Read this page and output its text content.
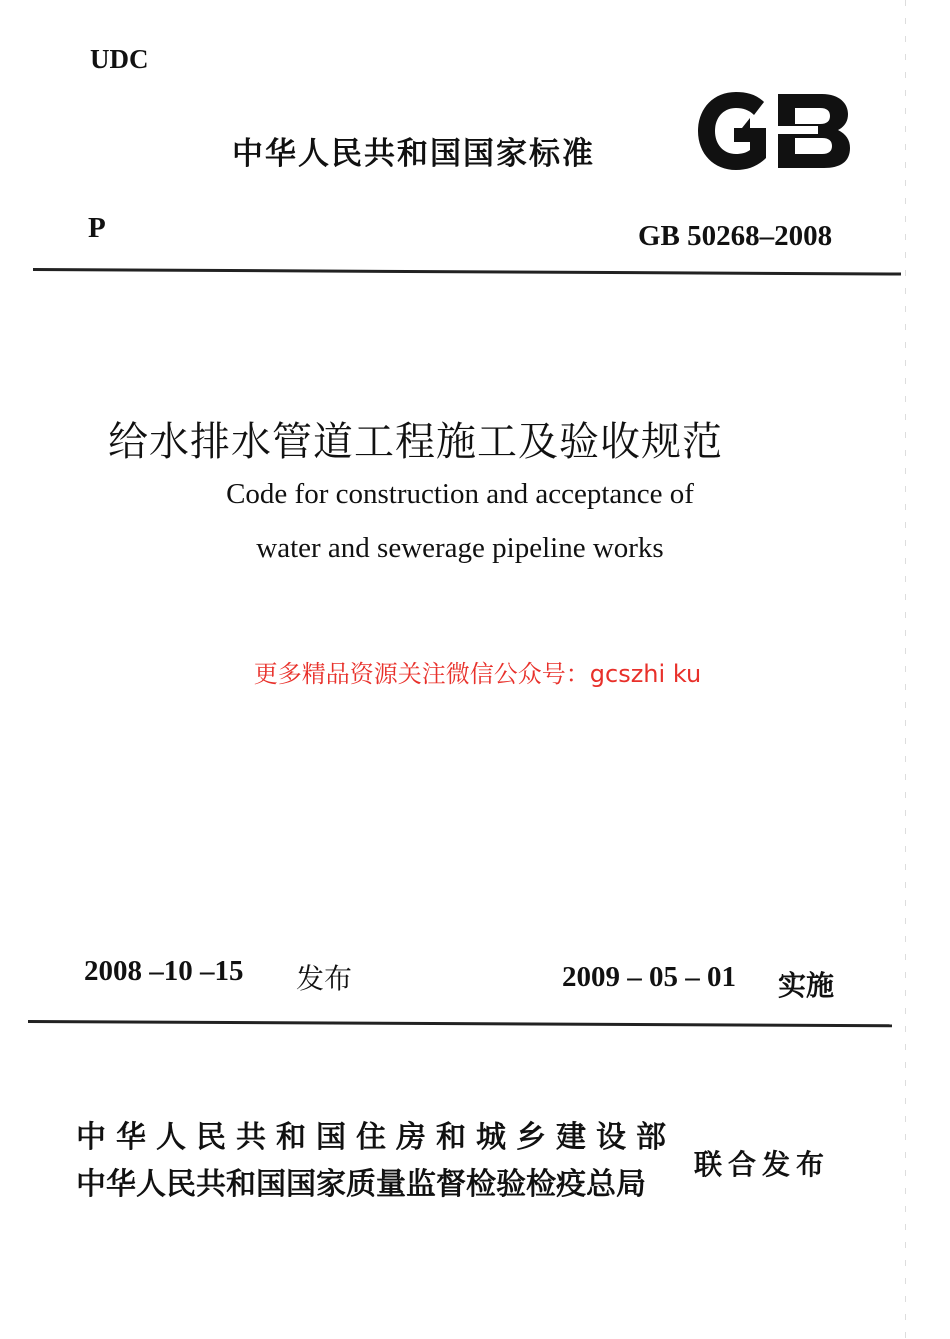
UDC
中华人民共和国国家标准
P	GB 50268–2008
给水排水管道工程施工及验收规范
Code for construction and acceptance of
water and sewerage pipeline works
更多精品资源关注微信公众号：gcszhi ku
2008 –10 –15 发布	2009 – 05 – 01 实施
中华人民共和国住房和城乡建设部
中华人民共和国国家质量监督检验检疫总局
联合发布
